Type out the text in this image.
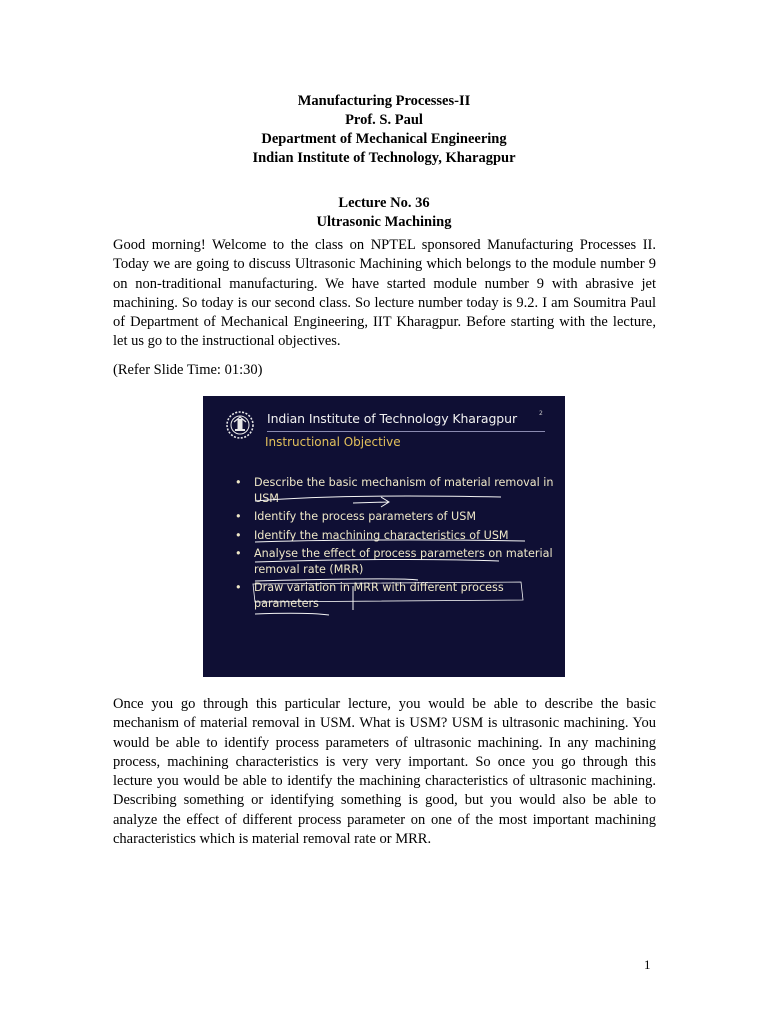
Manufacturing Processes-II
Prof. S. Paul
Department of Mechanical Engineering
Indian Institute of Technology, Kharagpur
Lecture No. 36
Ultrasonic Machining
Good morning! Welcome to the class on NPTEL sponsored Manufacturing Processes II. Today we are going to discuss Ultrasonic Machining which belongs to the module number 9 on non-traditional manufacturing. We have started module number 9 with abrasive jet machining. So today is our second class. So lecture number today is 9.2. I am Soumitra Paul of Department of Mechanical Engineering, IIT Kharagpur. Before starting with the lecture, let us go to the instructional objectives.
(Refer Slide Time: 01:30)
Indian Institute of Technology Kharagpur	2
Instructional Objective
• Describe the basic mechanism of material removal in USM
• Identify the process parameters of USM
• Identify the machining characteristics of USM
• Analyse the effect of process parameters on material removal rate (MRR)
• Draw variation in MRR with different process parameters
Once you go through this particular lecture, you would be able to describe the basic mechanism of material removal in USM. What is USM? USM is ultrasonic machining. You would be able to identify process parameters of ultrasonic machining. In any machining process, machining characteristics is very very important. So once you go through this lecture you would be able to identify the machining characteristics of ultrasonic machining. Describing something or identifying something is good, but you would also be able to analyze the effect of different process parameter on one of the most important machining characteristics which is material removal rate or MRR.
1
